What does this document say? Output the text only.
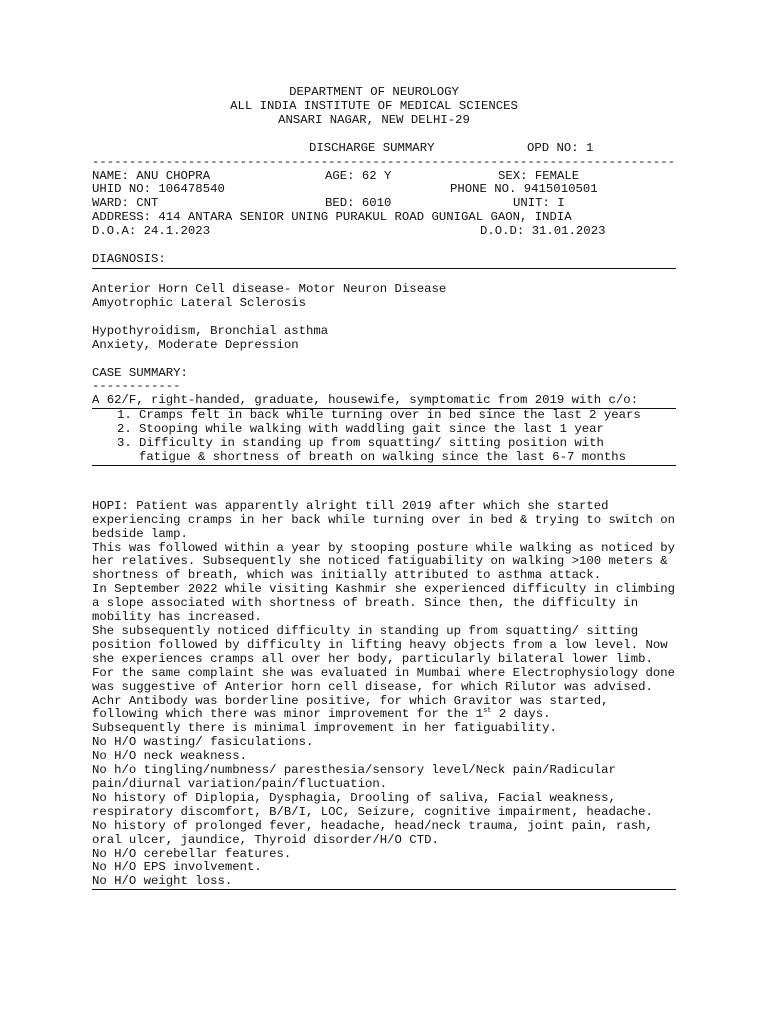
DEPARTMENT OF NEUROLOGY
ALL INDIA INSTITUTE OF MEDICAL SCIENCES
ANSARI NAGAR, NEW DELHI-29
DISCHARGE SUMMARY	OPD NO: 1
-------------------------------------------------------------------------------
NAME: ANU CHOPRA	AGE: 62 Y	SEX: FEMALE
UHID NO: 106478540	PHONE NO. 9415010501
WARD: CNT	BED: 6010	UNIT: I
ADDRESS: 414 ANTARA SENIOR UNING PURAKUL ROAD GUNIGAL GAON, INDIA
D.O.A: 24.1.2023	D.O.D: 31.01.2023
DIAGNOSIS:
Anterior Horn Cell disease- Motor Neuron Disease
Amyotrophic Lateral Sclerosis
Hypothyroidism, Bronchial asthma
Anxiety, Moderate Depression
CASE SUMMARY:
------------
A 62/F, right-handed, graduate, housewife, symptomatic from 2019 with c/o:
1. Cramps felt in back while turning over in bed since the last 2 years
2. Stooping while walking with waddling gait since the last 1 year
3. Difficulty in standing up from squatting/ sitting position with fatigue & shortness of breath on walking since the last 6-7 months
HOPI: Patient was apparently alright till 2019 after which she started experiencing cramps in her back while turning over in bed & trying to switch on bedside lamp.
This was followed within a year by stooping posture while walking as noticed by her relatives. Subsequently she noticed fatiguability on walking >100 meters & shortness of breath, which was initially attributed to asthma attack.
In September 2022 while visiting Kashmir she experienced difficulty in climbing a slope associated with shortness of breath. Since then, the difficulty in mobility has increased.
She subsequently noticed difficulty in standing up from squatting/ sitting position followed by difficulty in lifting heavy objects from a low level. Now she experiences cramps all over her body, particularly bilateral lower limb.
For the same complaint she was evaluated in Mumbai where Electrophysiology done was suggestive of Anterior horn cell disease, for which Rilutor was advised. Achr Antibody was borderline positive, for which Gravitor was started, following which there was minor improvement for the 1st 2 days.
Subsequently there is minimal improvement in her fatiguability.
No H/O wasting/ fasiculations.
No H/O neck weakness.
No h/o tingling/numbness/ paresthesia/sensory level/Neck pain/Radicular pain/diurnal variation/pain/fluctuation.
No history of Diplopia, Dysphagia, Drooling of saliva, Facial weakness, respiratory discomfort, B/B/I, LOC, Seizure, cognitive impairment, headache.
No history of prolonged fever, headache, head/neck trauma, joint pain, rash, oral ulcer, jaundice, Thyroid disorder/H/O CTD.
No H/O cerebellar features.
No H/O EPS involvement.
No H/O weight loss.
